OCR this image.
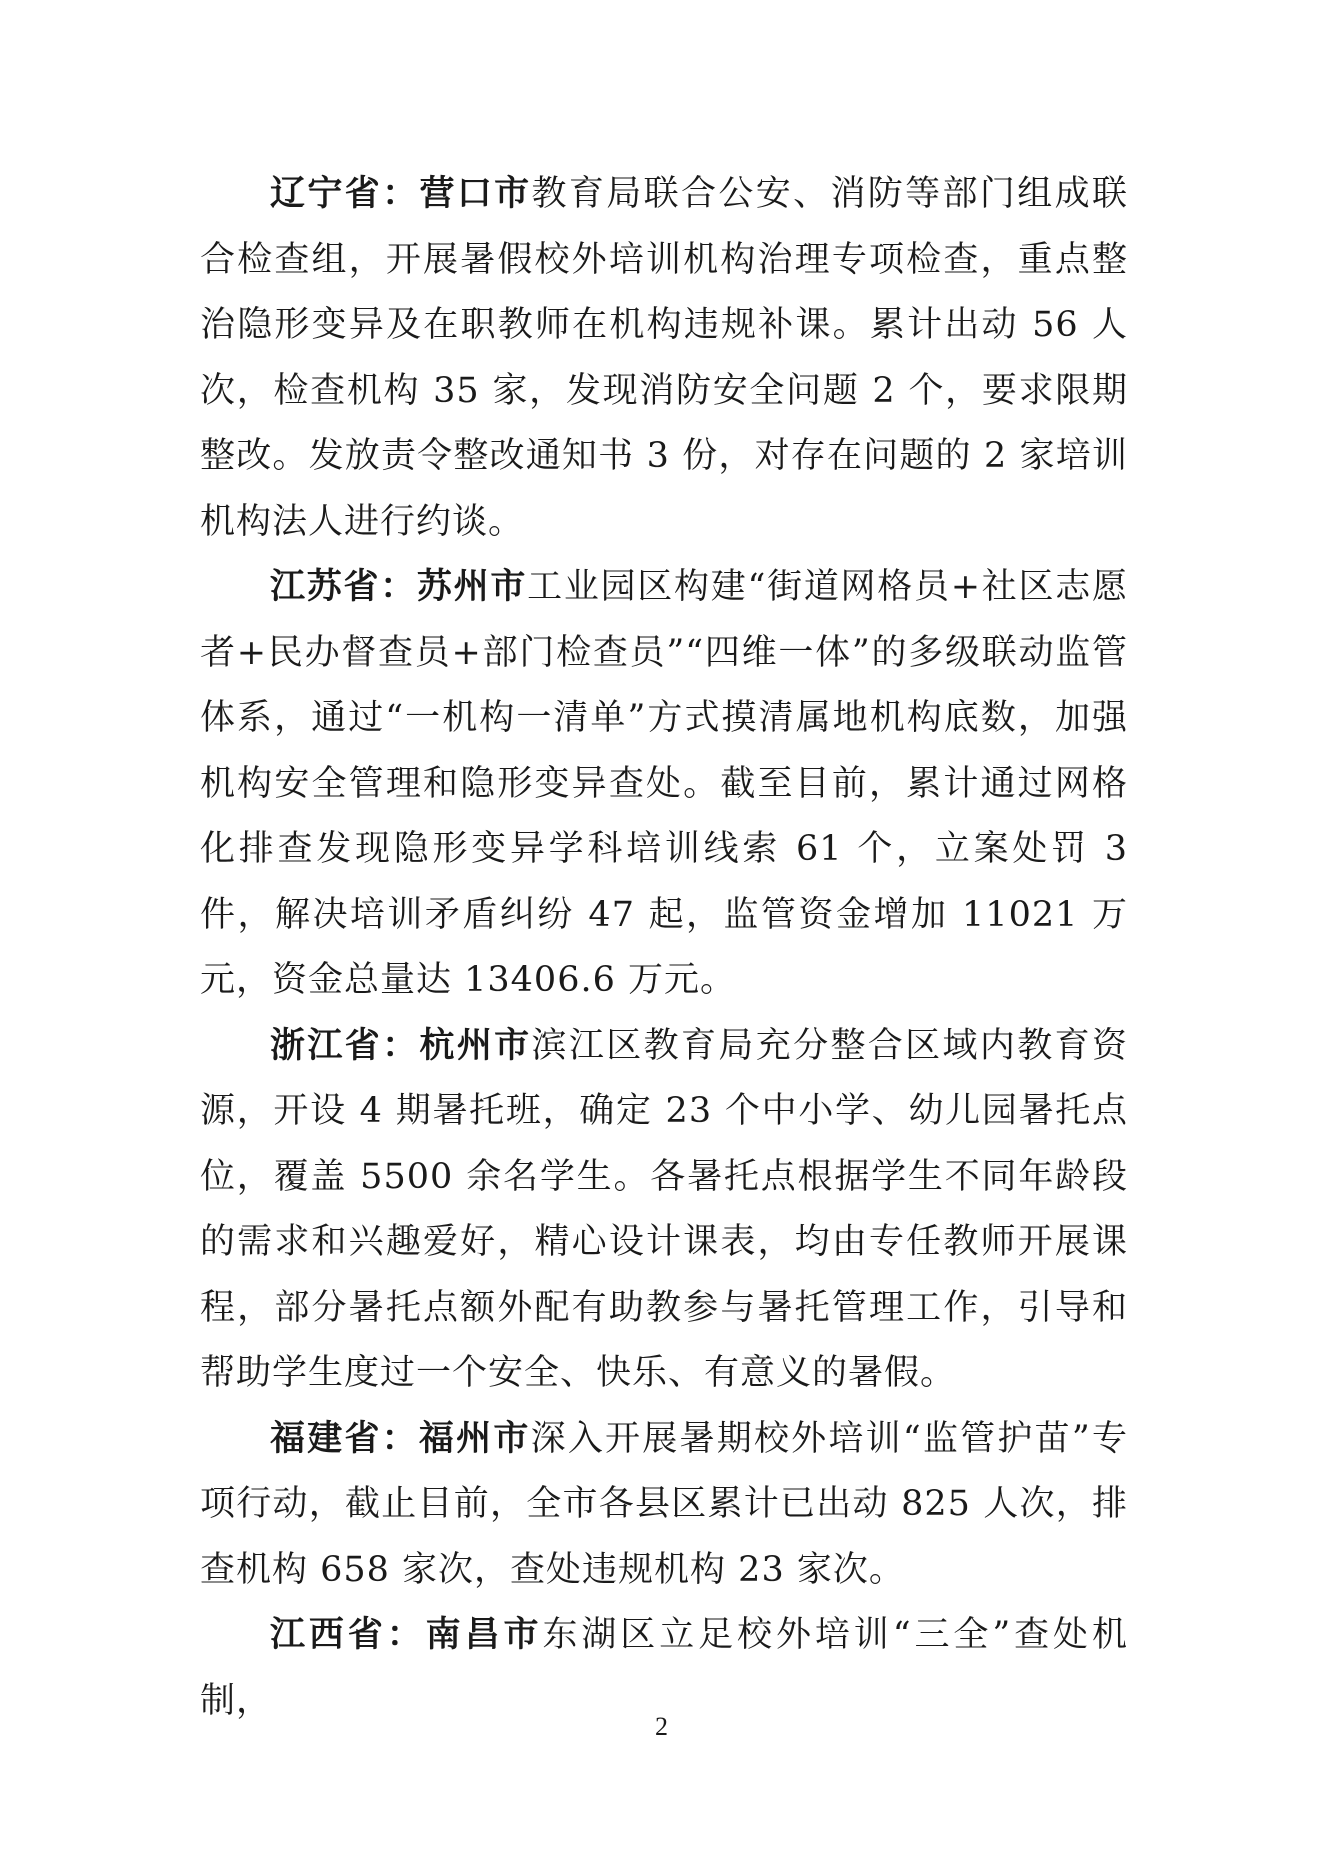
辽宁省：营口市教育局联合公安、消防等部门组成联合检查组，开展暑假校外培训机构治理专项检查，重点整治隐形变异及在职教师在机构违规补课。累计出动 56 人次，检查机构 35 家，发现消防安全问题 2 个，要求限期整改。发放责令整改通知书 3 份，对存在问题的 2 家培训机构法人进行约谈。

江苏省：苏州市工业园区构建“街道网格员+社区志愿者+民办督查员+部门检查员”“四维一体”的多级联动监管体系，通过“一机构一清单”方式摸清属地机构底数，加强机构安全管理和隐形变异查处。截至目前，累计通过网格化排查发现隐形变异学科培训线索 61 个，立案处罚 3 件，解决培训矛盾纠纷 47 起，监管资金增加 11021 万元，资金总量达 13406.6 万元。

浙江省：杭州市滨江区教育局充分整合区域内教育资源，开设 4 期暑托班，确定 23 个中小学、幼儿园暑托点位，覆盖 5500 余名学生。各暑托点根据学生不同年龄段的需求和兴趣爱好，精心设计课表，均由专任教师开展课程，部分暑托点额外配有助教参与暑托管理工作，引导和帮助学生度过一个安全、快乐、有意义的暑假。

福建省：福州市深入开展暑期校外培训“监管护苗”专项行动，截止目前，全市各县区累计已出动 825 人次，排查机构 658 家次，查处违规机构 23 家次。

江西省：南昌市东湖区立足校外培训“三全”查处机制，

2
